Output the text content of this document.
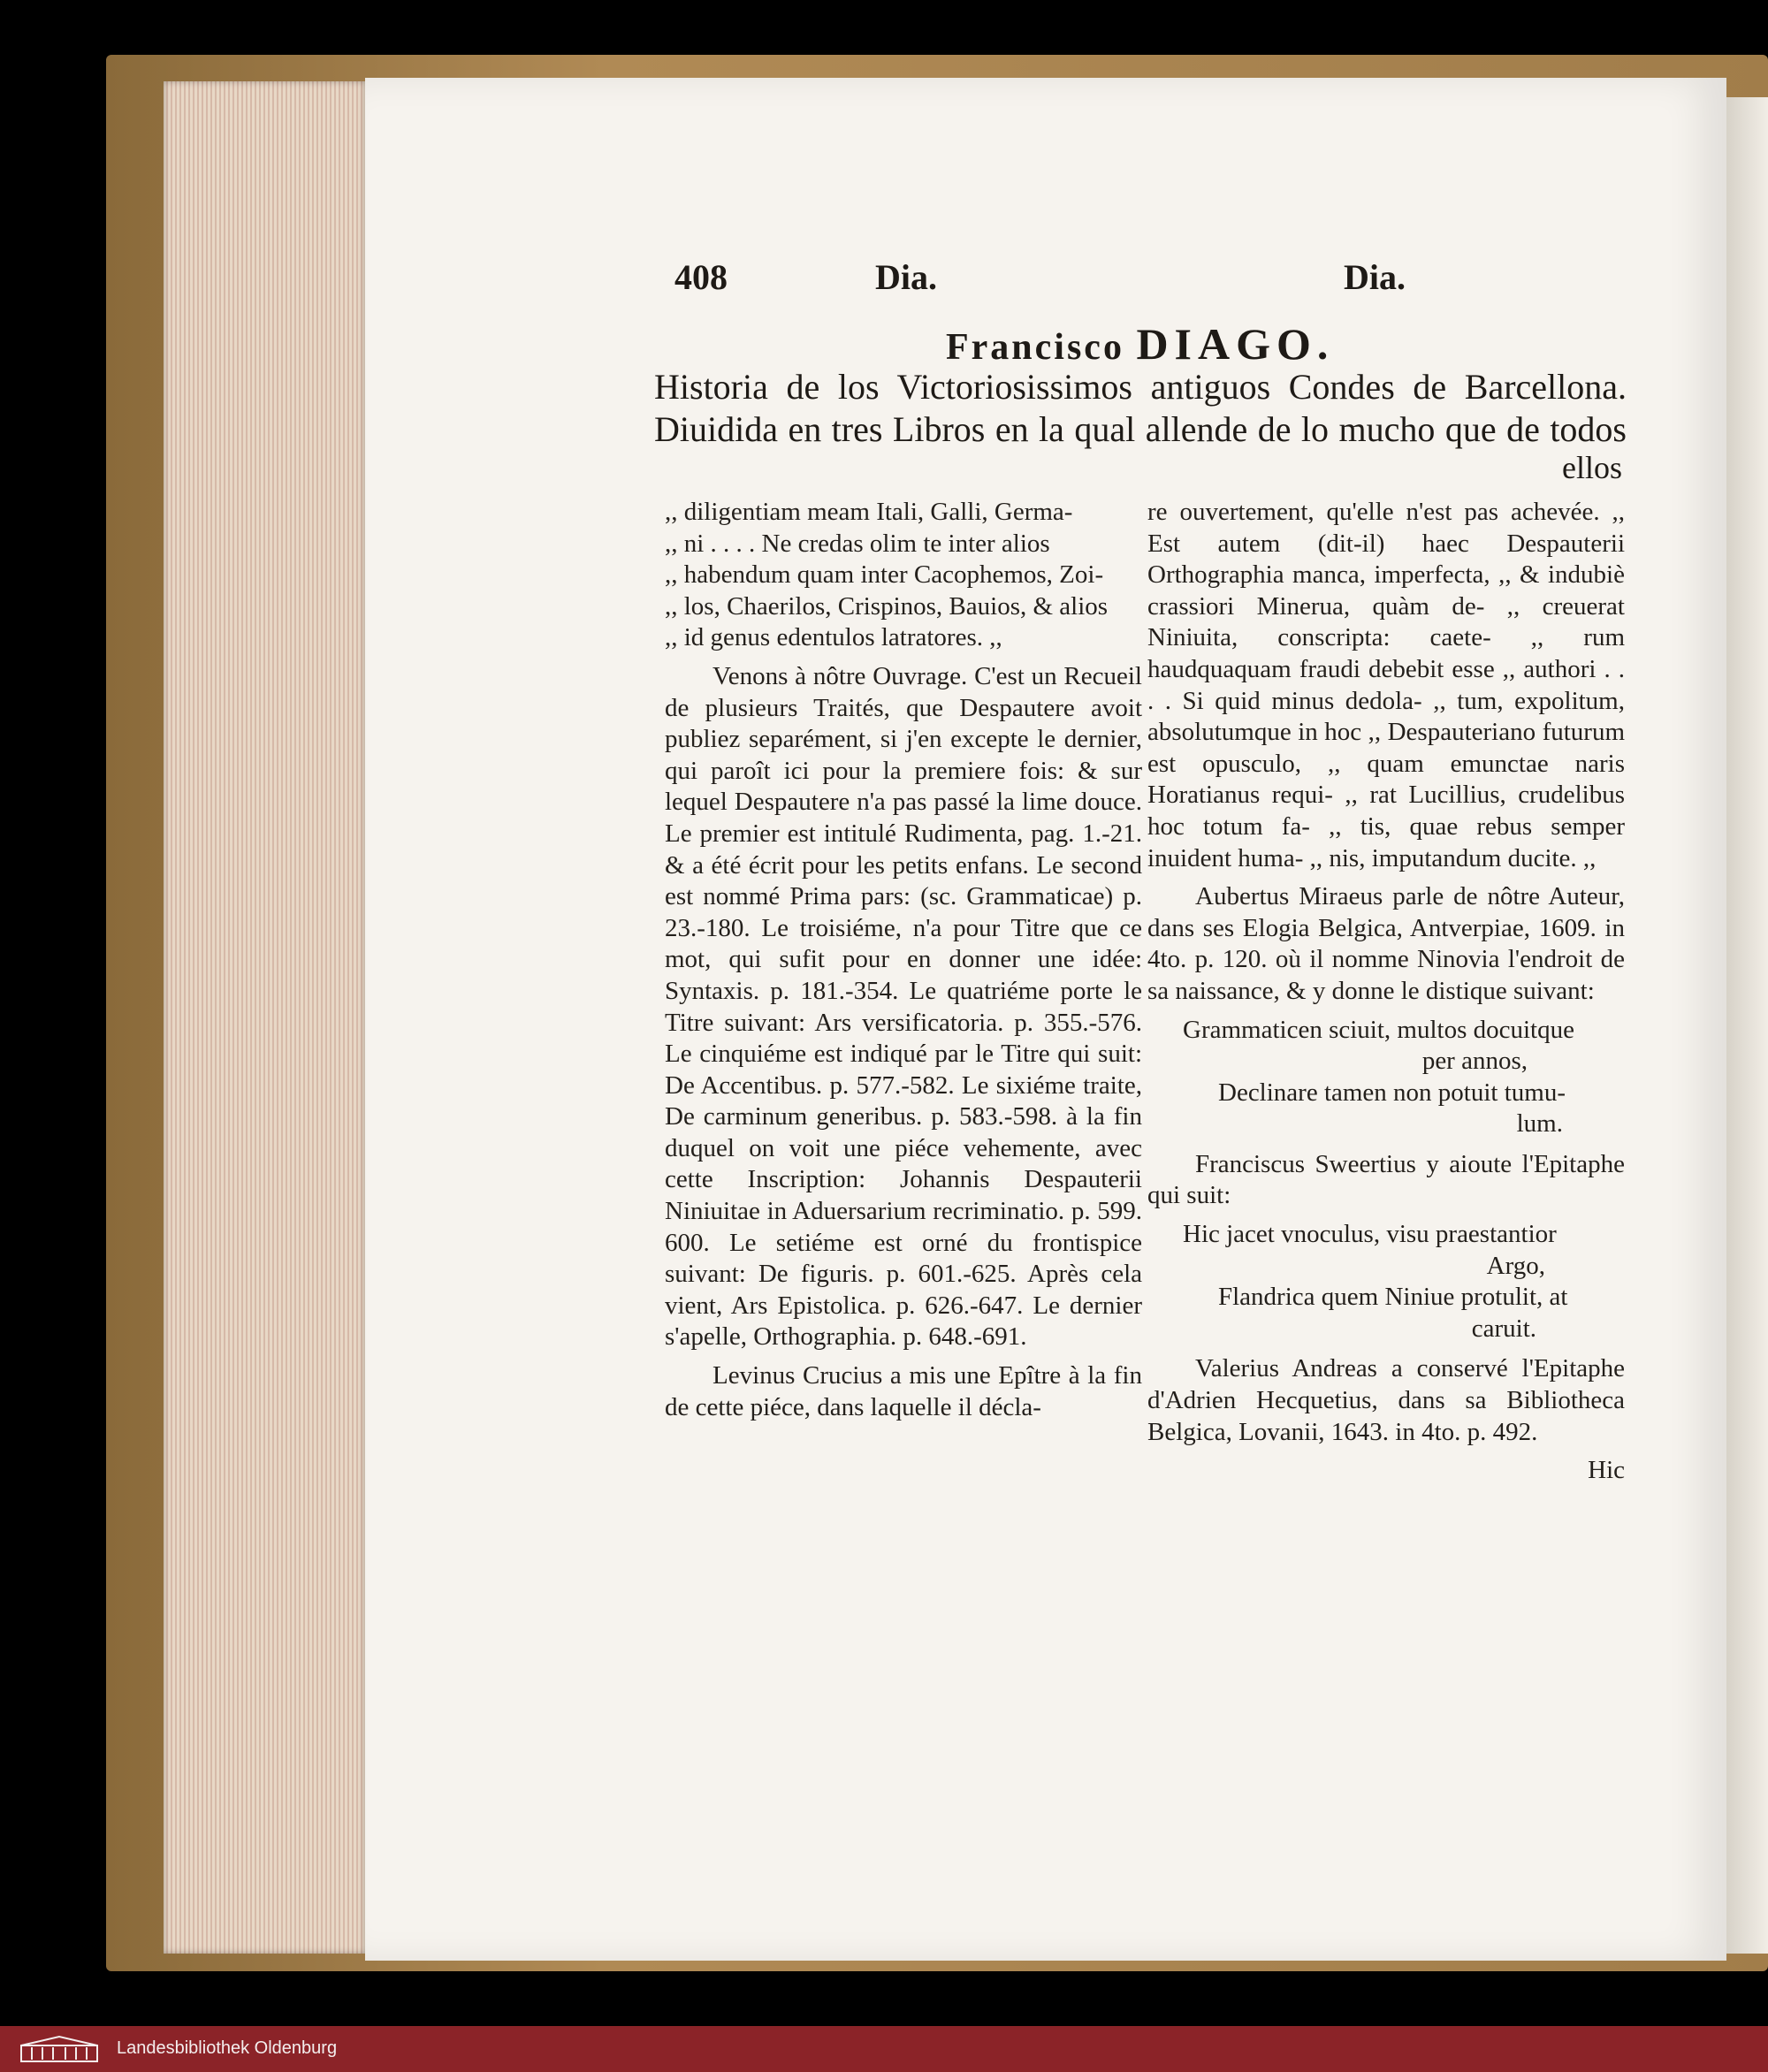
408	Dia.	Dia.
Francisco DIAGO.
Historia de los Victoriosissimos antiguos Condes de Barcellona.
Diuidida en tres Libros en la qual allende de lo mucho que de todos
ellos

,, diligentiam meam Itali, Galli, Germa-
,, ni . . . . Ne credas olim te inter alios
,, habendum quam inter Cacophemos, Zoi-
,, los, Chaerilos, Crispinos, Bauios, & alios
,, id genus edentulos latratores. ,,

Venons à nôtre Ouvrage. C'est un Recueil de plusieurs Traités, que Despautere avoit publiez separément, si j'en excepte le dernier, qui paroît ici pour la premiere fois: & sur lequel Despautere n'a pas passé la lime douce. Le premier est intitulé Rudimenta, pag. 1.-21. & a été écrit pour les petits enfans. Le second est nommé Prima pars: (sc. Grammaticae) p. 23.-180. Le troisiéme, n'a pour Titre que ce mot, qui sufit pour en donner une idée: Syntaxis. p. 181.-354. Le quatriéme porte le Titre suivant: Ars versificatoria. p. 355.-576. Le cinquiéme est indiqué par le Titre qui suit: De Accentibus. p. 577.-582. Le sixiéme traite, De carminum generibus. p. 583.-598. à la fin duquel on voit une piéce vehemente, avec cette Inscription: Johannis Despauterii Niniuitae in Aduersarium recriminatio. p. 599. 600. Le setiéme est orné du frontispice suivant: De figuris. p. 601.-625. Après cela vient, Ars Epistolica. p. 626.-647. Le dernier s'apelle, Orthographia. p. 648.-691.

Levinus Crucius a mis une Epître à la fin de cette piéce, dans laquelle il décla-

re ouvertement, qu'elle n'est pas achevée. ,, Est autem (dit-il) haec Despauterii Orthographia manca, imperfecta, ,, & indubiè crassiori Minerua, quàm de- ,, creuerat Niniuita, conscripta: caete- ,, rum haudquaquam fraudi debebit esse ,, authori . . . . Si quid minus dedola- ,, tum, expolitum, absolutumque in hoc ,, Despauteriano futurum est opusculo, ,, quam emunctae naris Horatianus requi- ,, rat Lucillius, crudelibus hoc totum fa- ,, tis, quae rebus semper inuident huma- ,, nis, imputandum ducite. ,,

Aubertus Miraeus parle de nôtre Auteur, dans ses Elogia Belgica, Antverpiae, 1609. in 4to. p. 120. où il nomme Ninovia l'endroit de sa naissance, & y donne le distique suivant:

Grammaticen sciuit, multos docuitque
per annos,
Declinare tamen non potuit tumu-
lum.

Franciscus Sweertius y aioute l'Epitaphe qui suit:

Hic jacet vnoculus, visu praestantior
Argo,
Flandrica quem Niniue protulit, at
caruit.

Valerius Andreas a conservé l'Epitaphe d'Adrien Hecquetius, dans sa Bibliotheca Belgica, Lovanii, 1643. in 4to. p. 492.

Hic
Landesbibliothek Oldenburg
